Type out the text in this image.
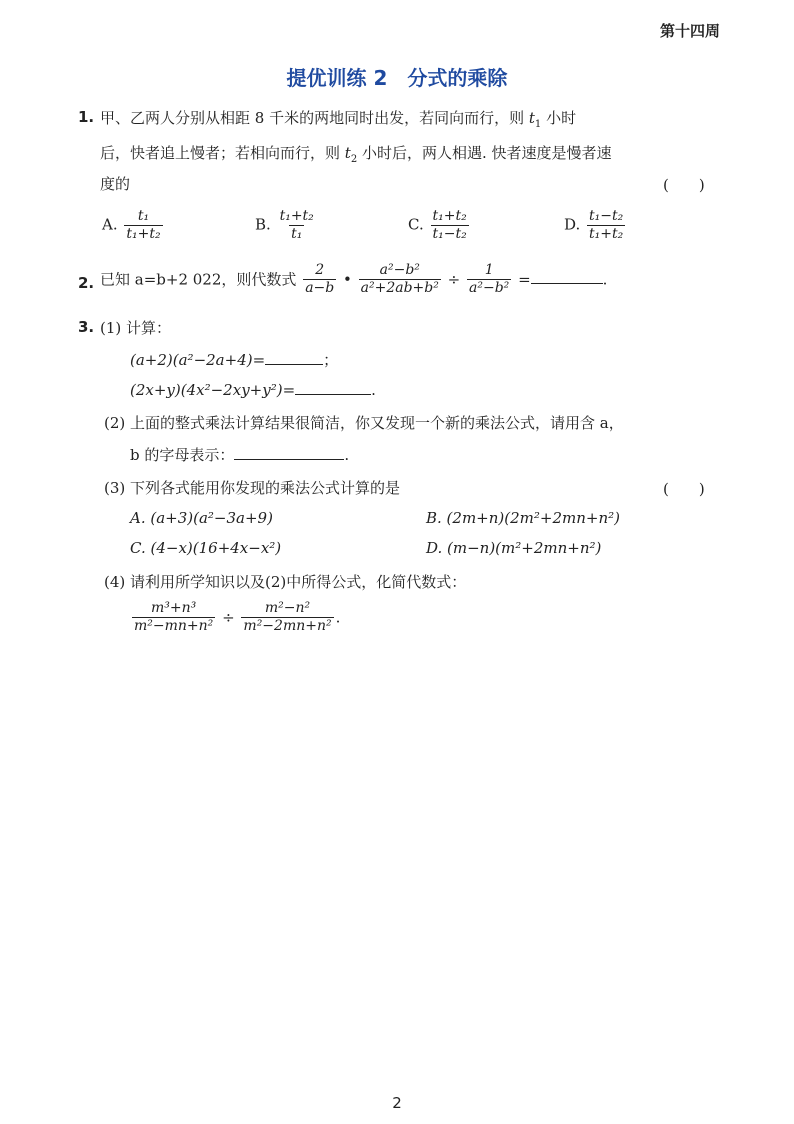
第十四周
提优训练 2　分式的乘除
1. 甲、乙两人分别从相距 8 千米的两地同时出发，若同向而行，则 $t_1$ 小时
后，快者追上慢者；若相向而行，则 $t_2$ 小时后，两人相遇. 快者速度是慢者速
度的	(　　)
A. $\frac{\text{t₁}}{\text{t₁+t₂}}$	B. $\frac{\text{t₁+t₂}}{\text{t₁}}$	C. $\frac{\text{t₁+t₂}}{\text{t₁−t₂}}$	D. $\frac{\text{t₁−t₂}}{\text{t₁+t₂}}$
2. 已知 a=b+2 022，则代数式 $\frac{2}{a-b}$ • $\frac{\text{a²−b²}}{\text{a²+2ab+b²}} \div \frac{1}{\text{a²−b²}}$ =	.
3. (1) 计算：
(a+2)(a²−2a+4)=	；
(2x+y)(4x²−2xy+y²)=	.
(2) 上面的整式乘法计算结果很简洁，你又发现一个新的乘法公式，请用含 a，
b 的字母表示：	.
(3) 下列各式能用你发现的乘法公式计算的是	(　　)
A. (a+3)(a²−3a+9)	B. (2m+n)(2m²+2mn+n²)
C. (4−x)(16+4x−x²)	D. (m−n)(m²+2mn+n²)
(4) 请利用所学知识以及(2)中所得公式，化简代数式：
$\frac{\text{m³+n³}}{\text{m²−mn+n²}} \div \frac{\text{m²−n²}}{\text{m²−2mn+n²}}$ .
2
